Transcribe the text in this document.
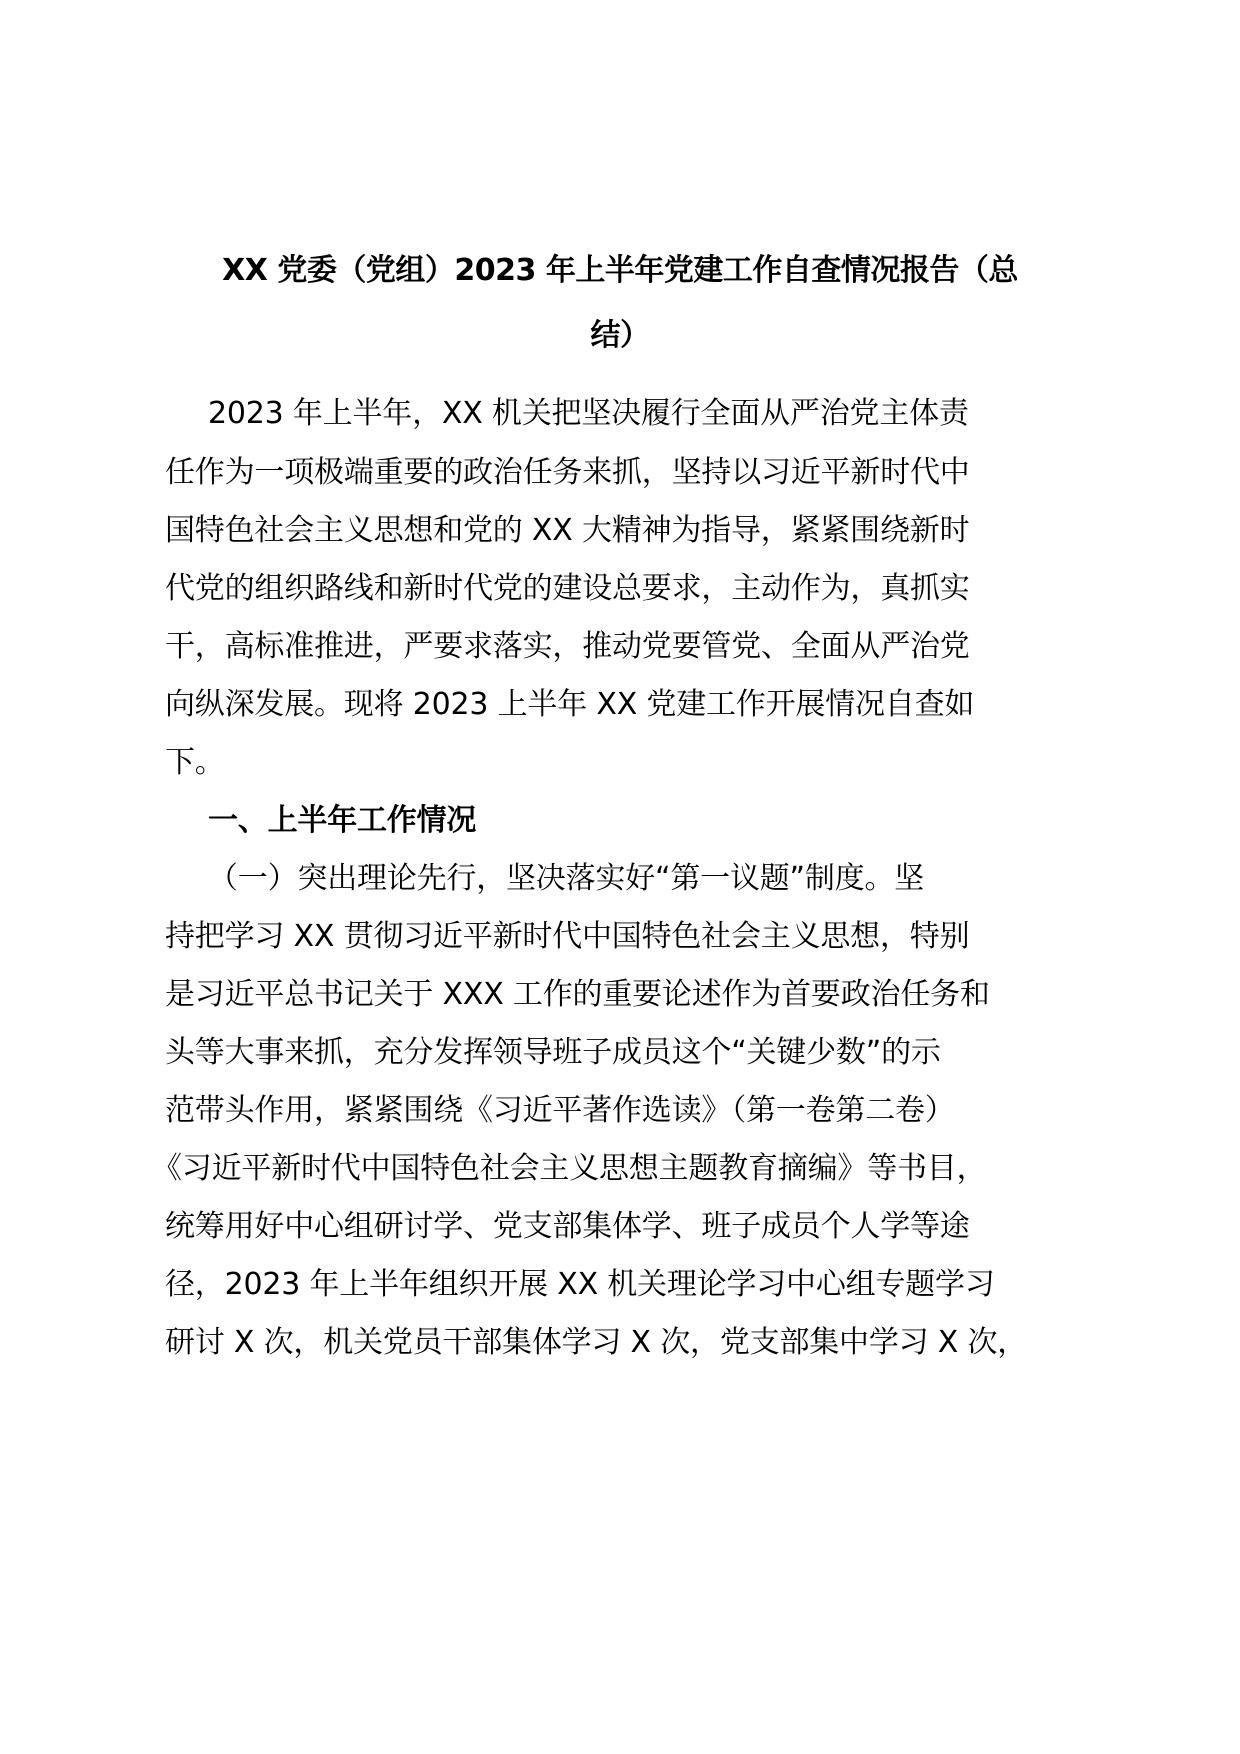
XX 党委（党组）2023 年上半年党建工作自查情况报告（总
结）
2023 年上半年，XX 机关把坚决履行全面从严治党主体责
任作为一项极端重要的政治任务来抓，坚持以习近平新时代中
国特色社会主义思想和党的 XX 大精神为指导，紧紧围绕新时
代党的组织路线和新时代党的建设总要求，主动作为，真抓实
干，高标准推进，严要求落实，推动党要管党、全面从严治党
向纵深发展。现将 2023 上半年 XX 党建工作开展情况自查如
下。
一、上半年工作情况
（一）突出理论先行，坚决落实好“第一议题”制度。坚
持把学习 XX 贯彻习近平新时代中国特色社会主义思想，特别
是习近平总书记关于 XXX 工作的重要论述作为首要政治任务和
头等大事来抓，充分发挥领导班子成员这个“关键少数”的示
范带头作用，紧紧围绕《习近平著作选读》（第一卷第二卷）
《习近平新时代中国特色社会主义思想主题教育摘编》等书目，
统筹用好中心组研讨学、党支部集体学、班子成员个人学等途
径，2023 年上半年组织开展 XX 机关理论学习中心组专题学习
研讨 X 次，机关党员干部集体学习 X 次，党支部集中学习 X 次，
